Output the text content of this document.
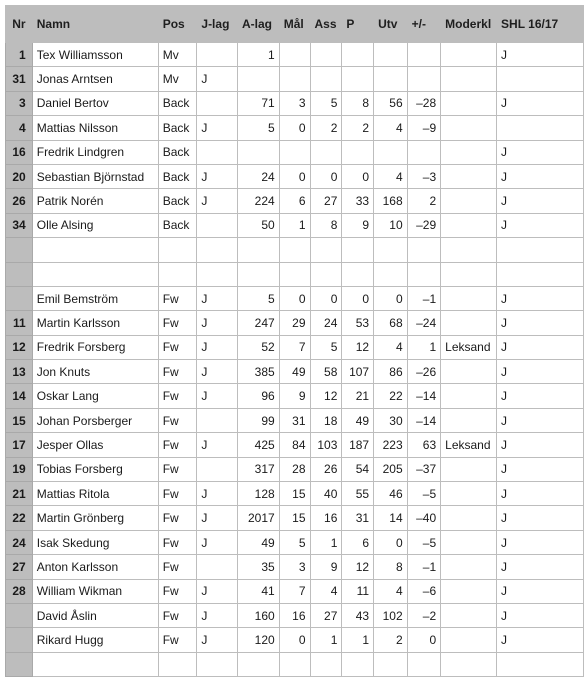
Nr	Namn	Pos	J-lag	A-lag	Mål	Ass	P	Utv	+/-	Moderkl	SHL 16/17
1	Tex Williamsson	Mv		1							J
31	Jonas Arntsen	Mv	J								
3	Daniel Bertov	Back		71	3	5	8	56	–28		J
4	Mattias Nilsson	Back	J	5	0	2	2	4	–9		
16	Fredrik Lindgren	Back									J
20	Sebastian Björnstad	Back	J	24	0	0	0	4	–3		J
26	Patrik Norén	Back	J	224	6	27	33	168	2		J
34	Olle Alsing	Back		50	1	8	9	10	–29		J

	Emil Bemström	Fw	J	5	0	0	0	0	–1		J
11	Martin Karlsson	Fw	J	247	29	24	53	68	–24		J
12	Fredrik Forsberg	Fw	J	52	7	5	12	4	1	Leksand	J
13	Jon Knuts	Fw	J	385	49	58	107	86	–26		J
14	Oskar Lang	Fw	J	96	9	12	21	22	–14		J
15	Johan Porsberger	Fw		99	31	18	49	30	–14		J
17	Jesper Ollas	Fw	J	425	84	103	187	223	63	Leksand	J
19	Tobias Forsberg	Fw		317	28	26	54	205	–37		J
21	Mattias Ritola	Fw	J	128	15	40	55	46	–5		J
22	Martin Grönberg	Fw	J	2017	15	16	31	14	–40		J
24	Isak Skedung	Fw	J	49	5	1	6	0	–5		J
27	Anton Karlsson	Fw		35	3	9	12	8	–1		J
28	William Wikman	Fw	J	41	7	4	11	4	–6		J
	David Åslin	Fw	J	160	16	27	43	102	–2		J
	Rikard Hugg	Fw	J	120	0	1	1	2	0		J
